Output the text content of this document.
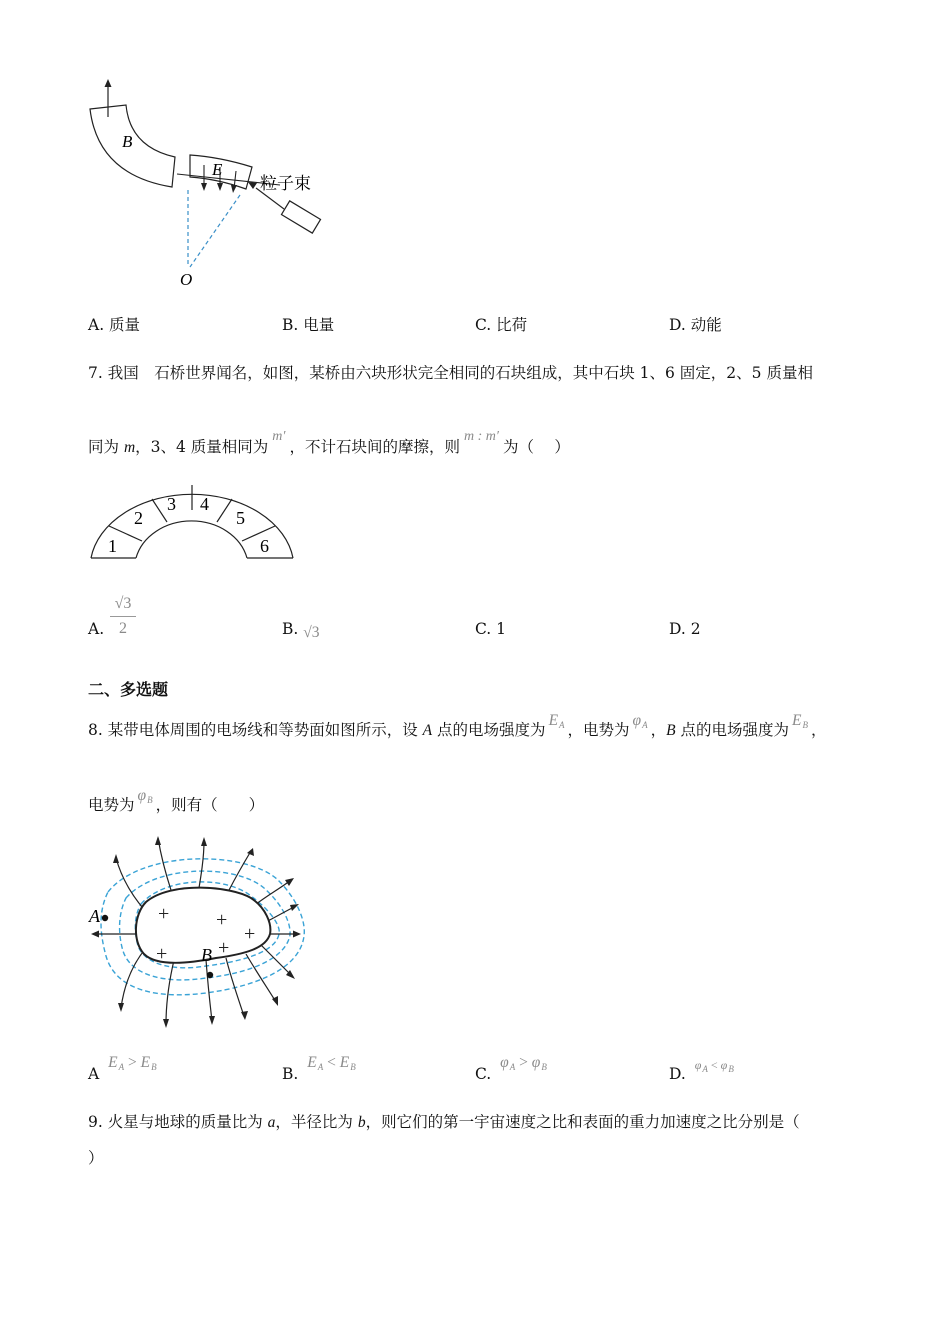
B
E
O
粒子束
A. 质量	B. 电量	C. 比荷	D. 动能
7. 我国　石桥世界闻名，如图，某桥由六块形状完全相同的石块组成，其中石块 1、6 固定，2、5 质量相
同为 m，3、4 质量相同为m′，不计石块间的摩擦，则m : m′为（　 ）
1
2
3 4
5
6
A.
√3
2	B. √3	C. 1	D. 2
二、多选题
8. 某带电体周围的电场线和等势面如图所示，设 A 点的电场强度为$E_A$ ，电势为$\varphi_A$ ，B 点的电场强度为$E_B$ ，
电势为$\varphi_B$ ，则有（　　）
+ +
+
+
+
A
B
A $E_A > E_B$	B. $E_A < E_B$	C. $\varphi_A > \varphi_B$	D. $^{\varphi_A < \varphi_B}$
9. 火星与地球的质量比为 a，半径比为 b，则它们的第一宇宙速度之比和表面的重力加速度之比分别是（
）
